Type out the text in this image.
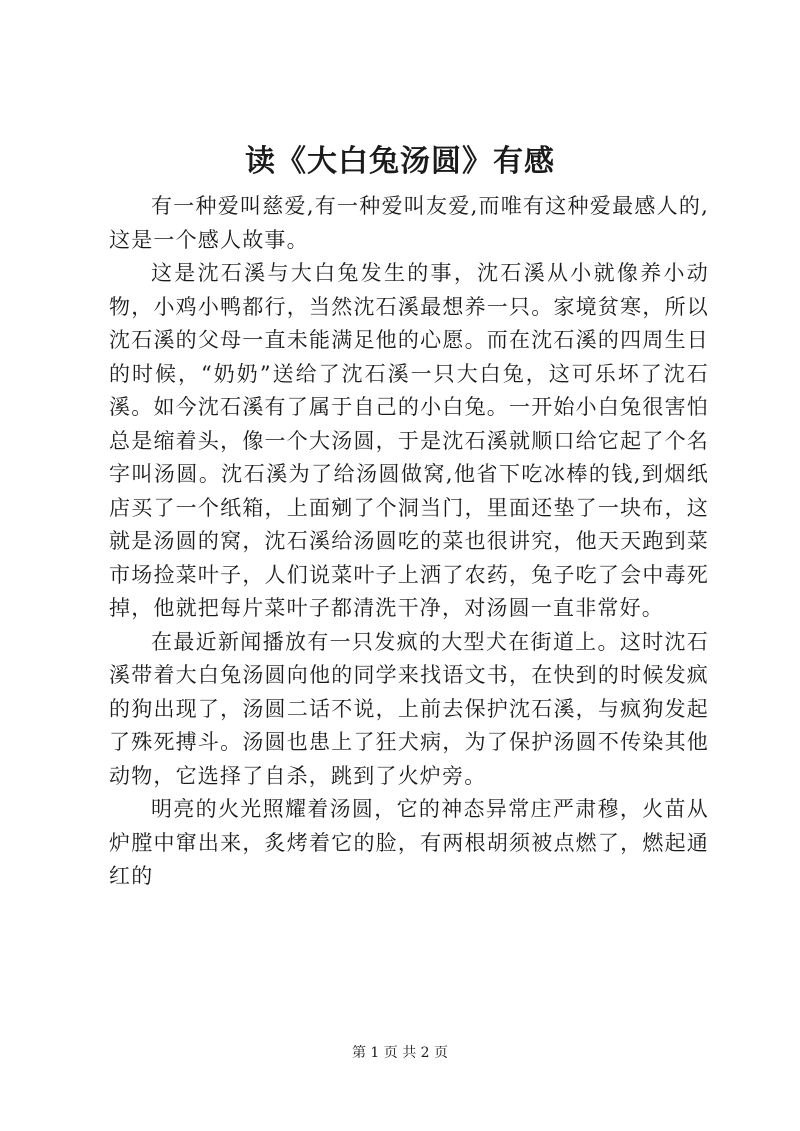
读《大白兔汤圆》有感

有一种爱叫慈爱,有一种爱叫友爱,而唯有这种爱最感人的,这是一个感人故事。

这是沈石溪与大白兔发生的事，沈石溪从小就像养小动物，小鸡小鸭都行，当然沈石溪最想养一只。家境贫寒，所以沈石溪的父母一直未能满足他的心愿。而在沈石溪的四周生日的时候，“奶奶”送给了沈石溪一只大白兔，这可乐坏了沈石溪。如今沈石溪有了属于自己的小白兔。一开始小白兔很害怕总是缩着头，像一个大汤圆，于是沈石溪就顺口给它起了个名字叫汤圆。沈石溪为了给汤圆做窝,他省下吃冰棒的钱,到烟纸店买了一个纸箱，上面剜了个洞当门，里面还垫了一块布，这就是汤圆的窝，沈石溪给汤圆吃的菜也很讲究，他天天跑到菜市场捡菜叶子，人们说菜叶子上洒了农药，兔子吃了会中毒死掉，他就把每片菜叶子都清洗干净，对汤圆一直非常好。

在最近新闻播放有一只发疯的大型犬在街道上。这时沈石溪带着大白兔汤圆向他的同学来找语文书，在快到的时候发疯的狗出现了，汤圆二话不说，上前去保护沈石溪，与疯狗发起了殊死搏斗。汤圆也患上了狂犬病，为了保护汤圆不传染其他动物，它选择了自杀，跳到了火炉旁。

明亮的火光照耀着汤圆，它的神态异常庄严肃穆，火苗从炉膛中窜出来，炙烤着它的脸，有两根胡须被点燃了，燃起通红的

第 1 页 共 2 页
